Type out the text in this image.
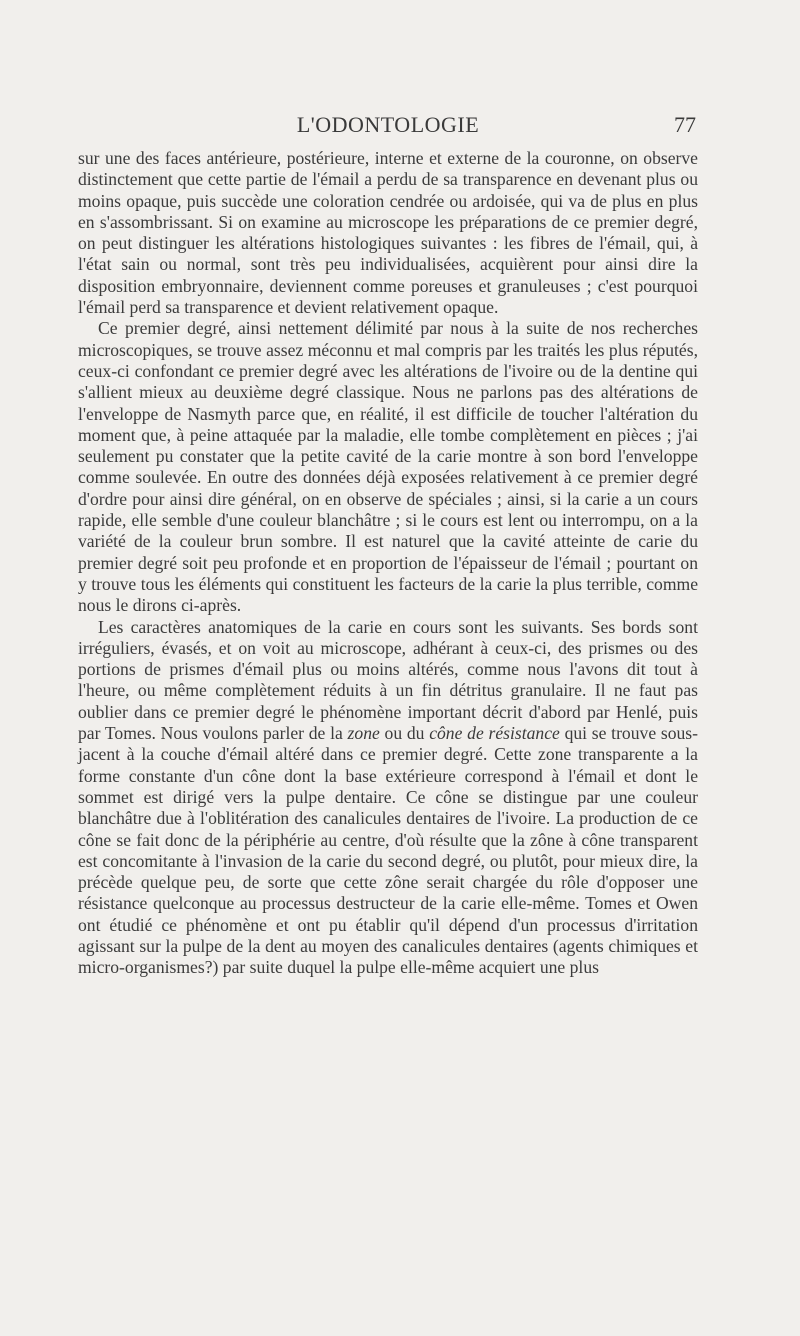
L'ODONTOLOGIE	77

sur une des faces antérieure, postérieure, interne et externe de la couronne, on observe distinctement que cette partie de l'émail a perdu de sa transparence en devenant plus ou moins opaque, puis succède une coloration cendrée ou ardoisée, qui va de plus en plus en s'assombrissant. Si on examine au microscope les préparations de ce premier degré, on peut distinguer les altérations histologiques suivantes : les fibres de l'émail, qui, à l'état sain ou normal, sont très peu individualisées, acquièrent pour ainsi dire la disposition embryonnaire, deviennent comme poreuses et granuleuses ; c'est pourquoi l'émail perd sa transparence et devient relativement opaque.

Ce premier degré, ainsi nettement délimité par nous à la suite de nos recherches microscopiques, se trouve assez méconnu et mal compris par les traités les plus réputés, ceux-ci confondant ce premier degré avec les altérations de l'ivoire ou de la dentine qui s'allient mieux au deuxième degré classique. Nous ne parlons pas des altérations de l'enveloppe de Nasmyth parce que, en réalité, il est difficile de toucher l'altération du moment que, à peine attaquée par la maladie, elle tombe complètement en pièces ; j'ai seulement pu constater que la petite cavité de la carie montre à son bord l'enveloppe comme soulevée. En outre des données déjà exposées relativement à ce premier degré d'ordre pour ainsi dire général, on en observe de spéciales ; ainsi, si la carie a un cours rapide, elle semble d'une couleur blanchâtre ; si le cours est lent ou interrompu, on a la variété de la couleur brun sombre. Il est naturel que la cavité atteinte de carie du premier degré soit peu profonde et en proportion de l'épaisseur de l'émail ; pourtant on y trouve tous les éléments qui constituent les facteurs de la carie la plus terrible, comme nous le dirons ci-après.

Les caractères anatomiques de la carie en cours sont les suivants. Ses bords sont irréguliers, évasés, et on voit au microscope, adhérant à ceux-ci, des prismes ou des portions de prismes d'émail plus ou moins altérés, comme nous l'avons dit tout à l'heure, ou même complètement réduits à un fin détritus granulaire. Il ne faut pas oublier dans ce premier degré le phénomène important décrit d'abord par Henlé, puis par Tomes. Nous voulons parler de la zone ou du cône de résistance qui se trouve sous-jacent à la couche d'émail altéré dans ce premier degré. Cette zone transparente a la forme constante d'un cône dont la base extérieure correspond à l'émail et dont le sommet est dirigé vers la pulpe dentaire. Ce cône se distingue par une couleur blanchâtre due à l'oblitération des canalicules dentaires de l'ivoire. La production de ce cône se fait donc de la périphérie au centre, d'où résulte que la zône à cône transparent est concomitante à l'invasion de la carie du second degré, ou plutôt, pour mieux dire, la précède quelque peu, de sorte que cette zône serait chargée du rôle d'opposer une résistance quelconque au processus destructeur de la carie elle-même. Tomes et Owen ont étudié ce phénomène et ont pu établir qu'il dépend d'un processus d'irritation agissant sur la pulpe de la dent au moyen des canalicules dentaires (agents chimiques et micro-organismes?) par suite duquel la pulpe elle-même acquiert une plus
